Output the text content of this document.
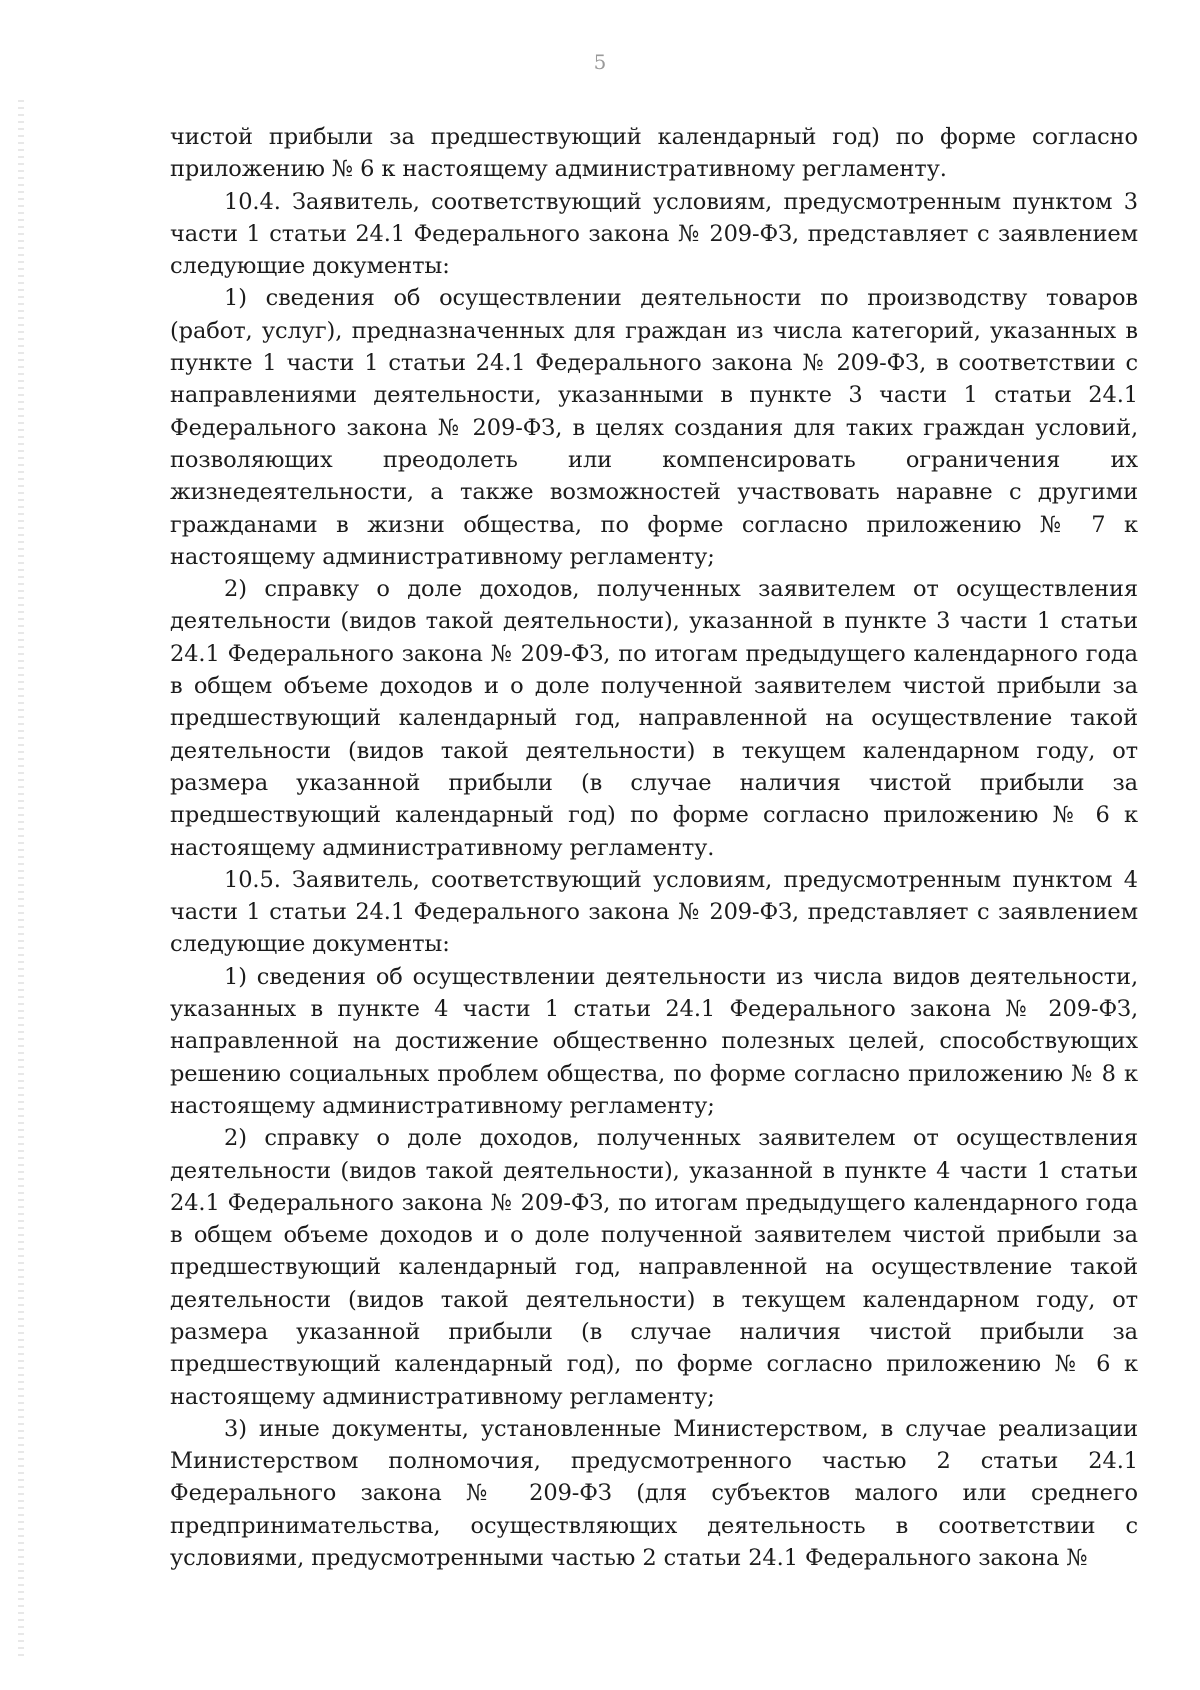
5

чистой прибыли за предшествующий календарный год) по форме согласно приложению № 6 к настоящему административному регламенту.

10.4. Заявитель, соответствующий условиям, предусмотренным пунктом 3 части 1 статьи 24.1 Федерального закона № 209-ФЗ, представляет с заявлением следующие документы:

1) сведения об осуществлении деятельности по производству товаров (работ, услуг), предназначенных для граждан из числа категорий, указанных в пункте 1 части 1 статьи 24.1 Федерального закона № 209-ФЗ, в соответствии с направлениями деятельности, указанными в пункте 3 части 1 статьи 24.1 Федерального закона № 209-ФЗ, в целях создания для таких граждан условий, позволяющих преодолеть или компенсировать ограничения их жизнедеятельности, а также возможностей участвовать наравне с другими гражданами в жизни общества, по форме согласно приложению № 7 к настоящему административному регламенту;

2) справку о доле доходов, полученных заявителем от осуществления деятельности (видов такой деятельности), указанной в пункте 3 части 1 статьи 24.1 Федерального закона № 209-ФЗ, по итогам предыдущего календарного года в общем объеме доходов и о доле полученной заявителем чистой прибыли за предшествующий календарный год, направленной на осуществление такой деятельности (видов такой деятельности) в текущем календарном году, от размера указанной прибыли (в случае наличия чистой прибыли за предшествующий календарный год) по форме согласно приложению № 6 к настоящему административному регламенту.

10.5. Заявитель, соответствующий условиям, предусмотренным пунктом 4 части 1 статьи 24.1 Федерального закона № 209-ФЗ, представляет с заявлением следующие документы:

1) сведения об осуществлении деятельности из числа видов деятельности, указанных в пункте 4 части 1 статьи 24.1 Федерального закона № 209-ФЗ, направленной на достижение общественно полезных целей, способствующих решению социальных проблем общества, по форме согласно приложению № 8 к настоящему административному регламенту;

2) справку о доле доходов, полученных заявителем от осуществления деятельности (видов такой деятельности), указанной в пункте 4 части 1 статьи 24.1 Федерального закона № 209-ФЗ, по итогам предыдущего календарного года в общем объеме доходов и о доле полученной заявителем чистой прибыли за предшествующий календарный год, направленной на осуществление такой деятельности (видов такой деятельности) в текущем календарном году, от размера указанной прибыли (в случае наличия чистой прибыли за предшествующий календарный год), по форме согласно приложению № 6 к настоящему административному регламенту;

3) иные документы, установленные Министерством, в случае реализации Министерством полномочия, предусмотренного частью 2 статьи 24.1 Федерального закона № 209-ФЗ (для субъектов малого или среднего предпринимательства, осуществляющих деятельность в соответствии с условиями, предусмотренными частью 2 статьи 24.1 Федерального закона №
